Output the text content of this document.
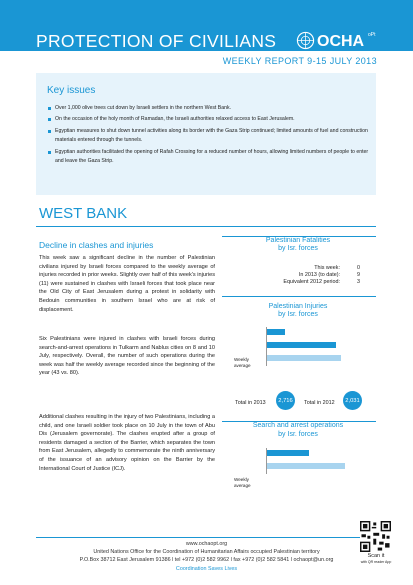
PROTECTION OF CIVILIANS	OCHA oPt
WEEKLY REPORT 9-15 JULY 2013
Key issues
Over 1,000 olive trees cut down by Israeli settlers in the northern West Bank.
On the occasion of the holy month of Ramadan, the Israeli authorities relaxed access to East Jerusalem.
Egyptian measures to shut down tunnel activities along its border with the Gaza Strip continued; limited amounts of fuel and construction materials entered through the tunnels.
Egyptian authorities facilitated the opening of Rafah Crossing for a reduced number of hours, allowing limited numbers of people to enter and leave the Gaza Strip.
WEST BANK
Decline in clashes and injuries

This week saw a significant decline in the number of Palestinian civilians injured by Israeli forces compared to the weekly average of injuries recorded in prior weeks. Slightly over half of this week's injuries (11) were sustained in clashes with Israeli forces that took place near the Old City of East Jerusalem during a protest in solidarity with Bedouin communities in southern Israel who are at risk of displacement.

Six Palestinians were injured in clashes with Israeli forces during search-and-arrest operations in Tulkarm and Nablus cities on 8 and 10 July, respectively. Overall, the number of such operations during the week was half the weekly average recorded since the beginning of the year (43 vs. 80).

Additional clashes resulting in the injury of two Palestinians, including a child, and one Israeli soldier took place on 10 July in the town of Abu Dis (Jerusalem governorate). The clashes erupted after a group of residents damaged a section of the Barrier, which separates the town from East Jerusalem, allegedly to commemorate the ninth anniversary of the issuance of an advisory opinion on the Barrier by the International Court of Justice (ICJ).

Palestinian Fatalities
by Isr. forces
This week:	0
In 2013 (to date):	9
Equivalent 2012 period:	3
Palestinian Injuries
by Isr. forces
Weekly average
Total in 2013	2,716	Total in 2012	2,031
Search and arrest operations
by Isr. forces
Weekly average
www.ochaopt.org
United Nations Office for the Coordination of Humanitarian Affairs occupied Palestinian territory
P.O.Box 38712 East Jerusalem 91386 l tel +972 (0)2 582 9962 l fax +972 (0)2 582 5841 l ochaopt@un.org
Coordination Saves Lives
Scan it
with QR reader App
